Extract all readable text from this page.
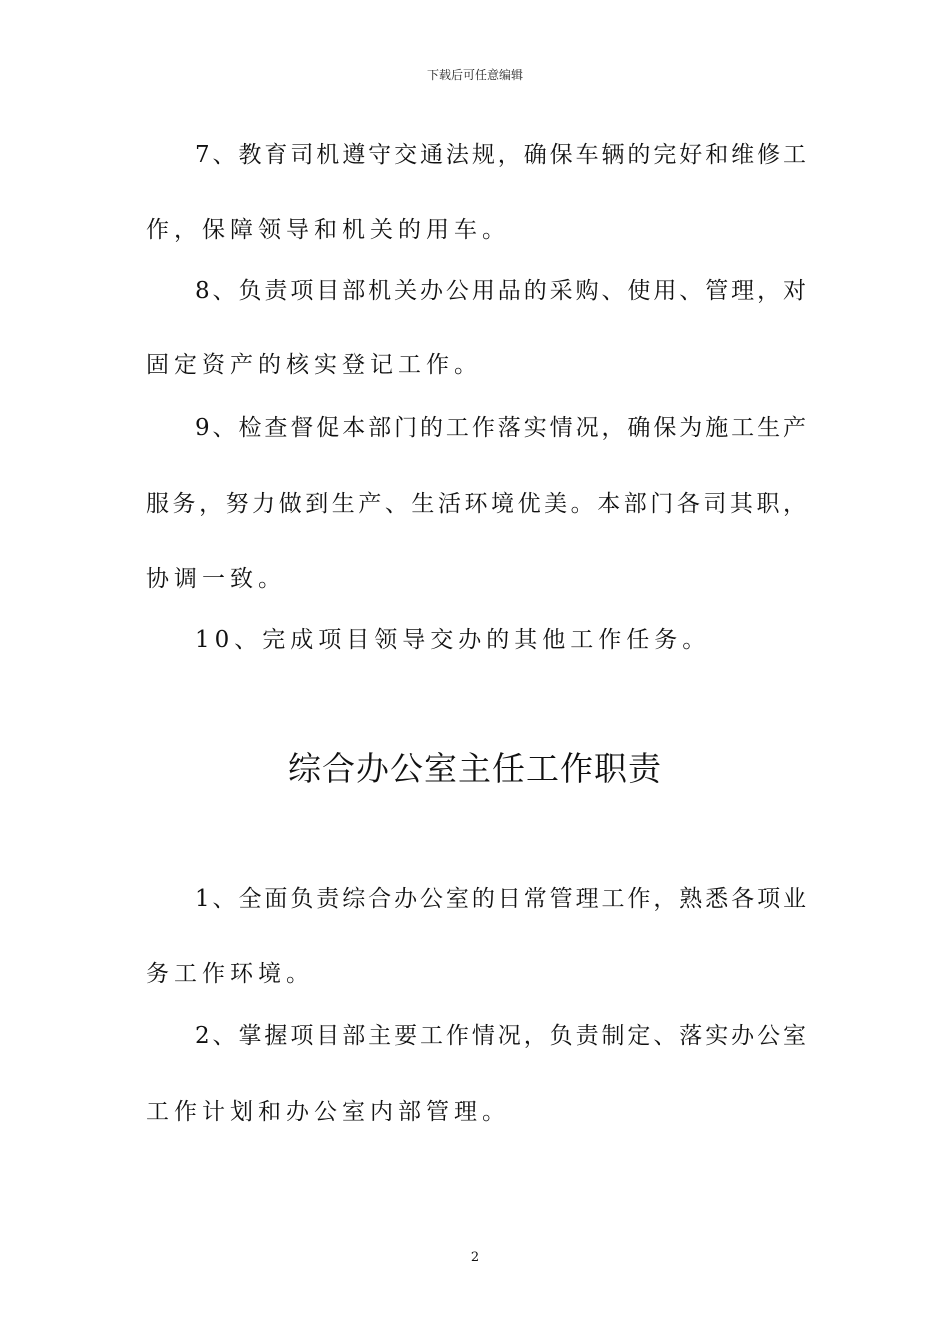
下载后可任意编辑
7、教育司机遵守交通法规，确保车辆的完好和维修工
作，保障领导和机关的用车。
8、负责项目部机关办公用品的采购、使用、管理，对
固定资产的核实登记工作。
9、检查督促本部门的工作落实情况，确保为施工生产
服务，努力做到生产、生活环境优美。本部门各司其职，
协调一致。
10、完成项目领导交办的其他工作任务。
综合办公室主任工作职责
1、全面负责综合办公室的日常管理工作，熟悉各项业
务工作环境。
2、掌握项目部主要工作情况，负责制定、落实办公室
工作计划和办公室内部管理。
2
